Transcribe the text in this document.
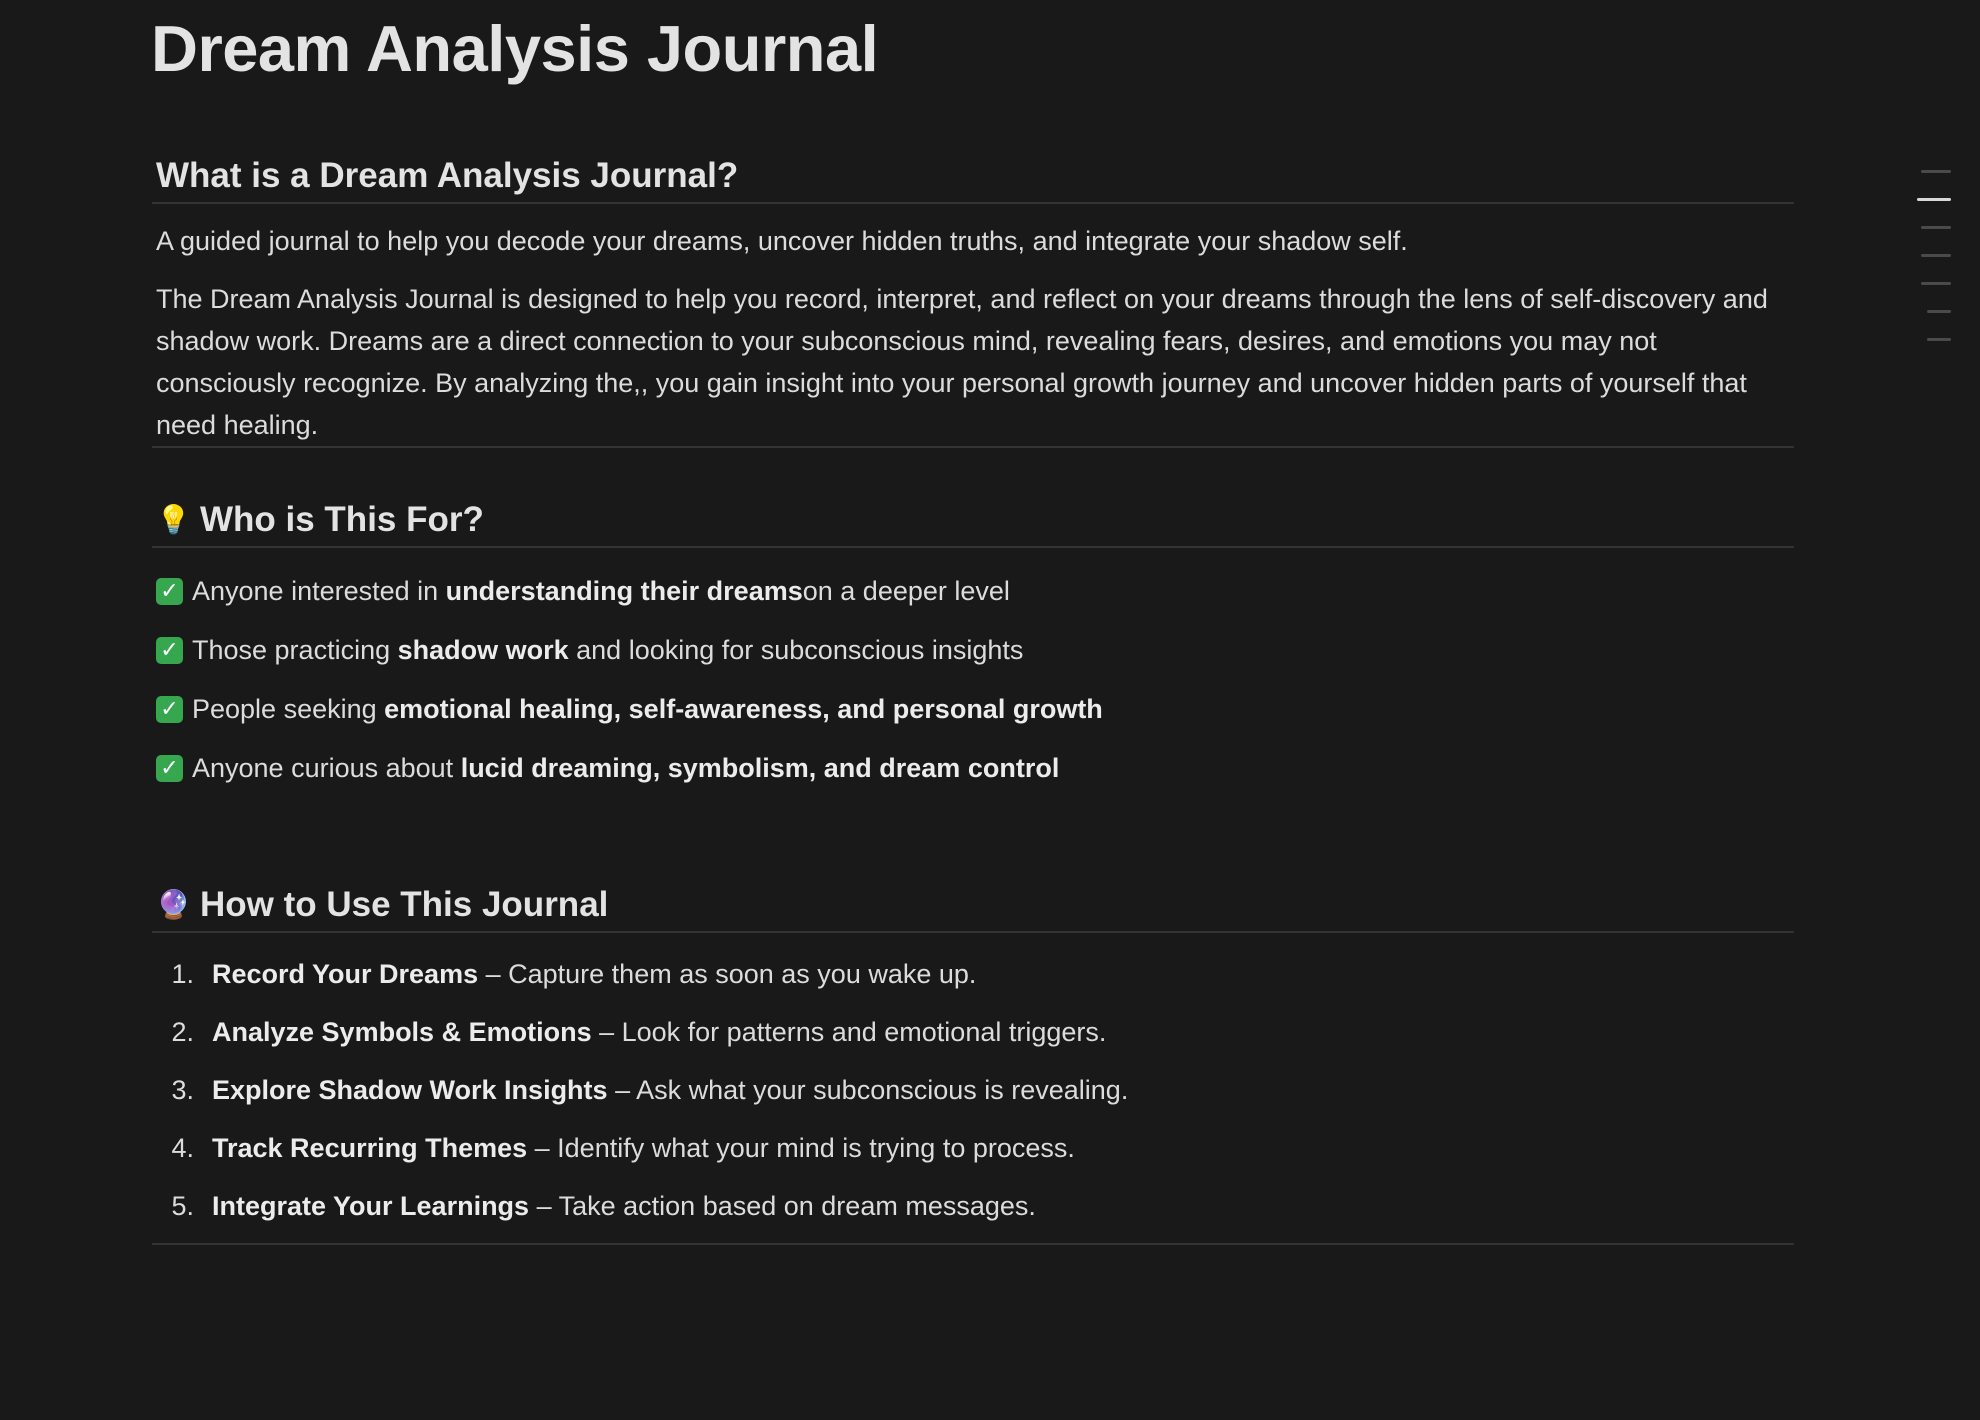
Dream Analysis Journal
What is a Dream Analysis Journal?

A guided journal to help you decode your dreams, uncover hidden truths, and integrate your shadow self.

The Dream Analysis Journal is designed to help you record, interpret, and reflect on your dreams through the lens of self-discovery and shadow work. Dreams are a direct connection to your subconscious mind, revealing fears, desires, and emotions you may not consciously recognize. By analyzing the,, you gain insight into your personal growth journey and uncover hidden parts of yourself that need healing.

💡 Who is This For?
✓ Anyone interested in understanding their dreamson a deeper level
✓ Those practicing shadow work and looking for subconscious insights
✓ People seeking emotional healing, self-awareness, and personal growth
✓ Anyone curious about lucid dreaming, symbolism, and dream control
🔮 How to Use This Journal
1. Record Your Dreams – Capture them as soon as you wake up.
2. Analyze Symbols & Emotions – Look for patterns and emotional triggers.
3. Explore Shadow Work Insights – Ask what your subconscious is revealing.
4. Track Recurring Themes – Identify what your mind is trying to process.
5. Integrate Your Learnings – Take action based on dream messages.
